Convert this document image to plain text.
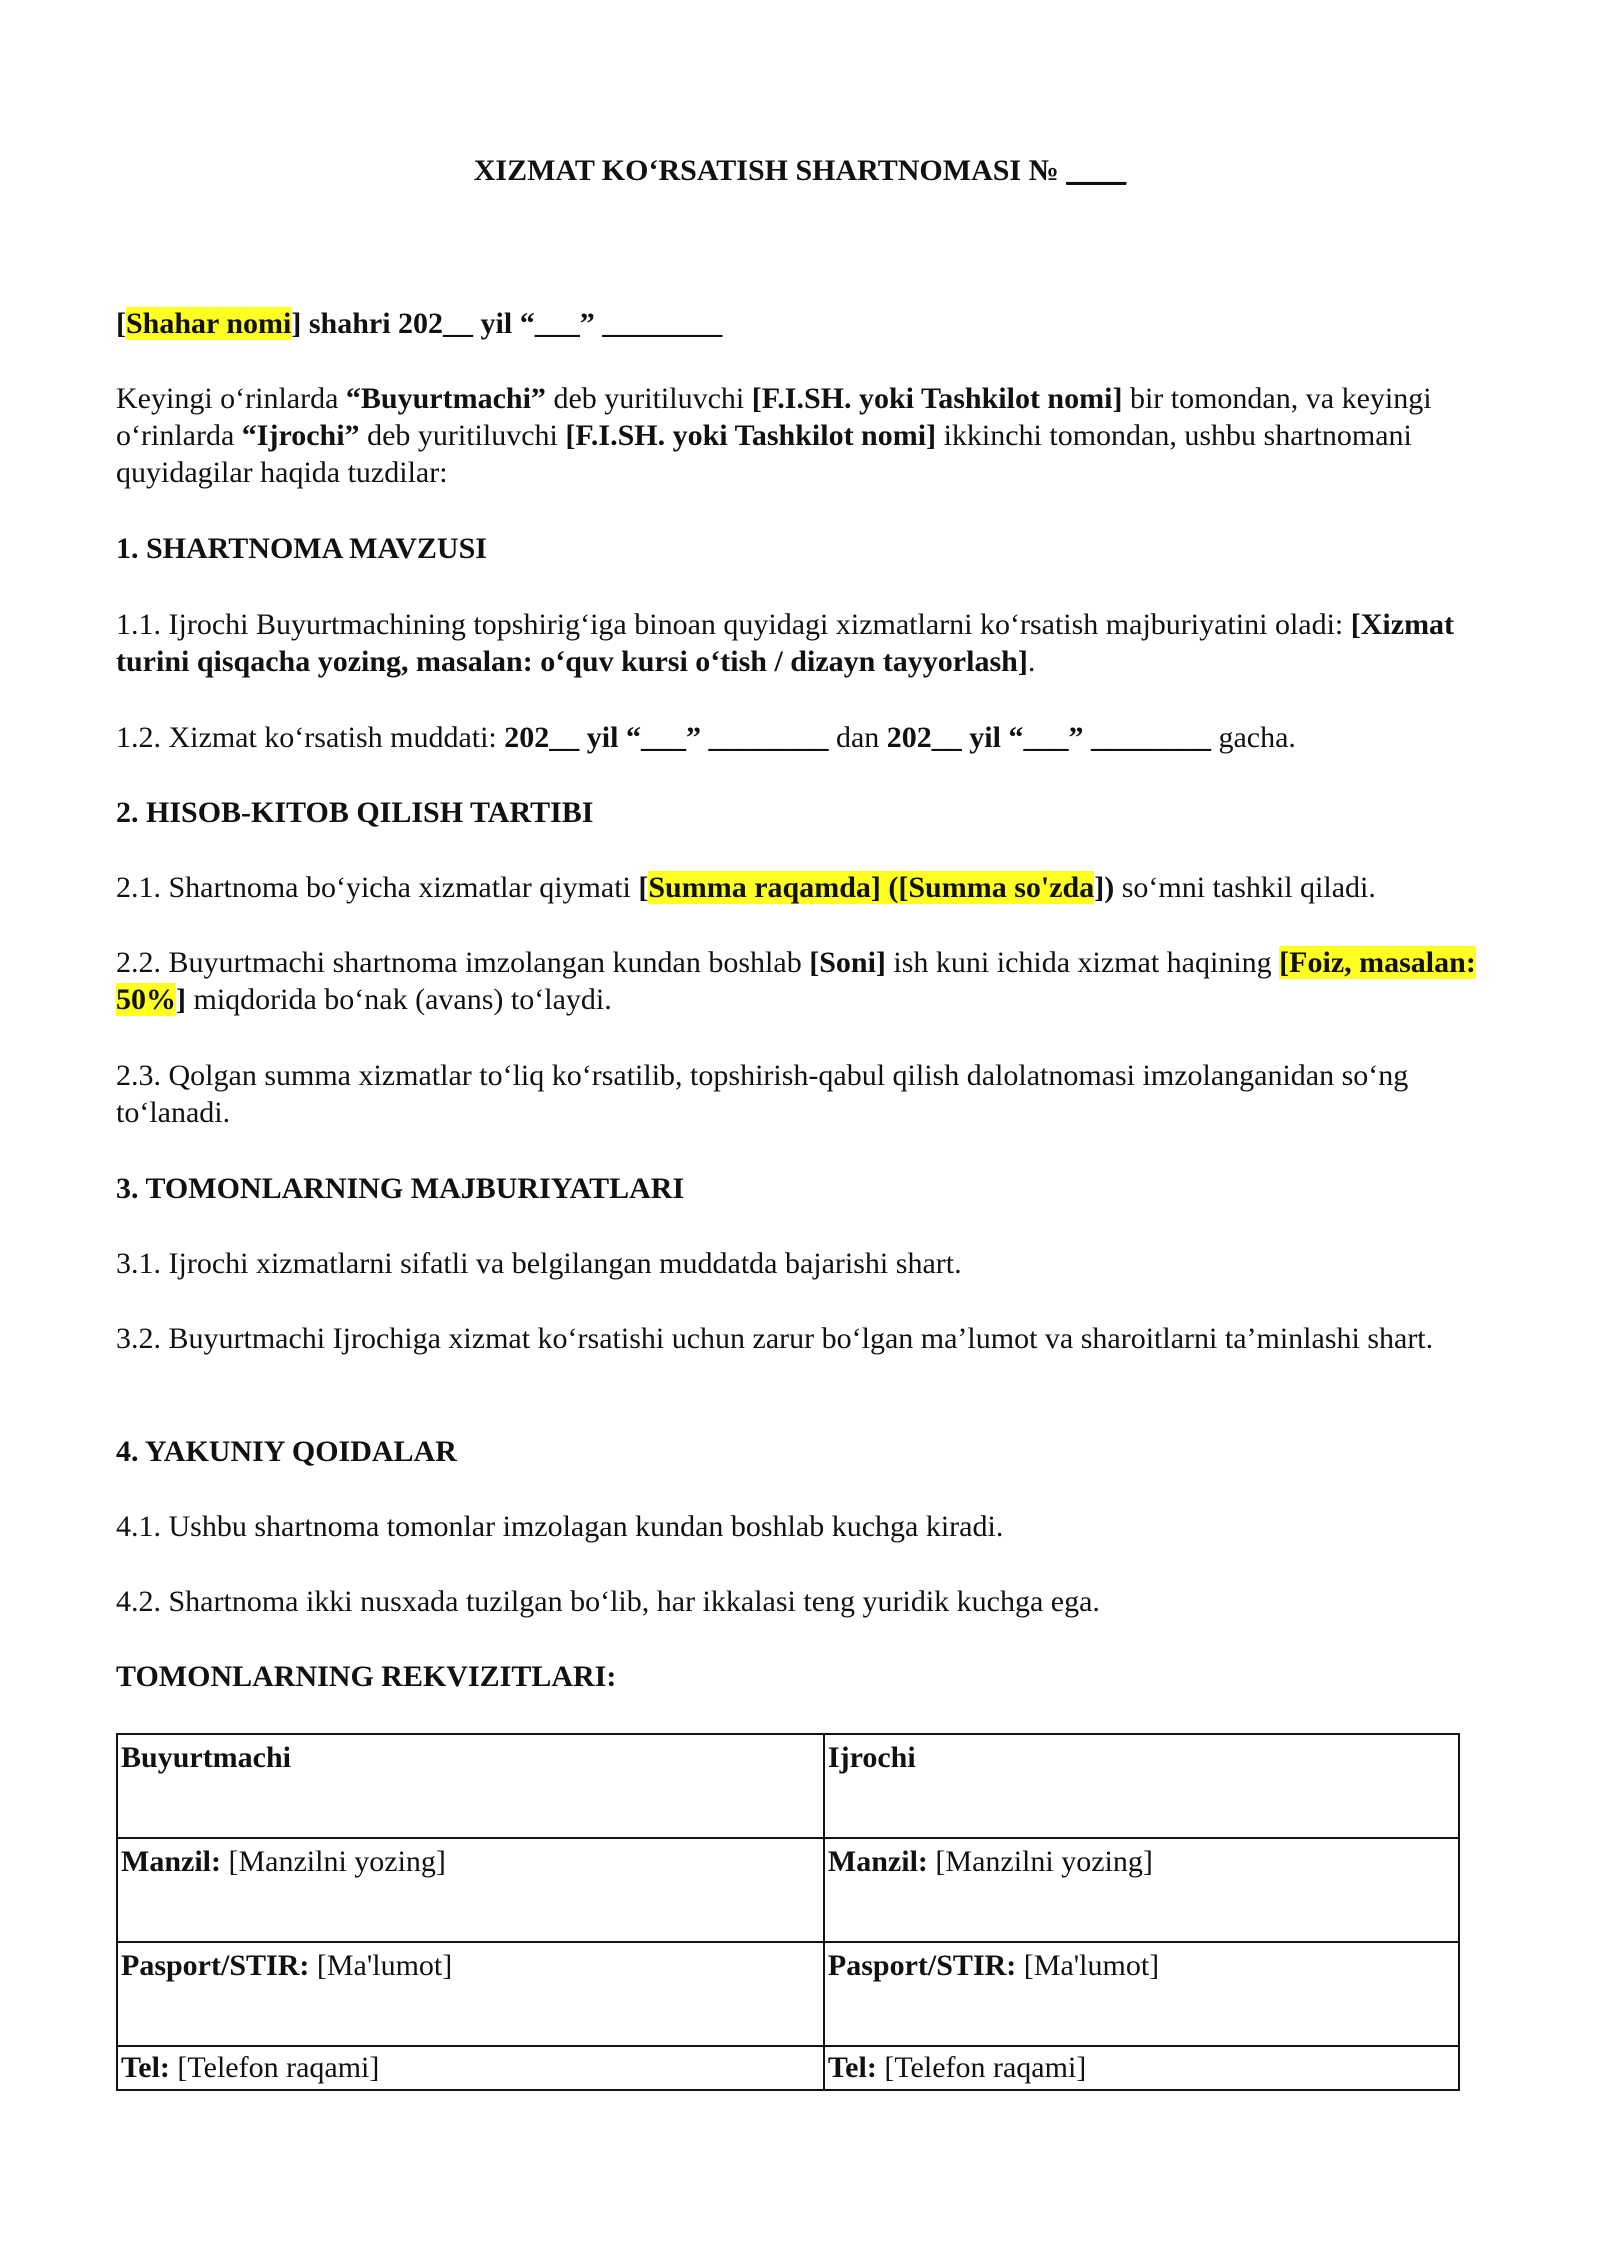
XIZMAT KO‘RSATISH SHARTNOMASI № ____

[Shahar nomi] shahri 202__ yil “___” ________

Keyingi o‘rinlarda “Buyurtmachi” deb yuritiluvchi [F.I.SH. yoki Tashkilot nomi] bir tomondan, va keyingi o‘rinlarda “Ijrochi” deb yuritiluvchi [F.I.SH. yoki Tashkilot nomi] ikkinchi tomondan, ushbu shartnomani quyidagilar haqida tuzdilar:

1. SHARTNOMA MAVZUSI

1.1. Ijrochi Buyurtmachining topshirig‘iga binoan quyidagi xizmatlarni ko‘rsatish majburiyatini oladi: [Xizmat turini qisqacha yozing, masalan: o‘quv kursi o‘tish / dizayn tayyorlash].

1.2. Xizmat ko‘rsatish muddati: 202__ yil “___” ________ dan 202__ yil “___” ________ gacha.

2. HISOB-KITOB QILISH TARTIBI

2.1. Shartnoma bo‘yicha xizmatlar qiymati [Summa raqamda] ([Summa so'zda]) so‘mni tashkil qiladi.

2.2. Buyurtmachi shartnoma imzolangan kundan boshlab [Soni] ish kuni ichida xizmat haqining [Foiz, masalan: 50%] miqdorida bo‘nak (avans) to‘laydi.

2.3. Qolgan summa xizmatlar to‘liq ko‘rsatilib, topshirish-qabul qilish dalolatnomasi imzolanganidan so‘ng to‘lanadi.

3. TOMONLARNING MAJBURIYATLARI

3.1. Ijrochi xizmatlarni sifatli va belgilangan muddatda bajarishi shart.

3.2. Buyurtmachi Ijrochiga xizmat ko‘rsatishi uchun zarur bo‘lgan ma’lumot va sharoitlarni ta’minlashi shart.

4. YAKUNIY QOIDALAR

4.1. Ushbu shartnoma tomonlar imzolagan kundan boshlab kuchga kiradi.

4.2. Shartnoma ikki nusxada tuzilgan bo‘lib, har ikkalasi teng yuridik kuchga ega.

TOMONLARNING REKVIZITLARI:

Buyurtmachi	Ijrochi
Manzil: [Manzilni yozing]	Manzil: [Manzilni yozing]
Pasport/STIR: [Ma'lumot]	Pasport/STIR: [Ma'lumot]
Tel: [Telefon raqami]	Tel: [Telefon raqami]
